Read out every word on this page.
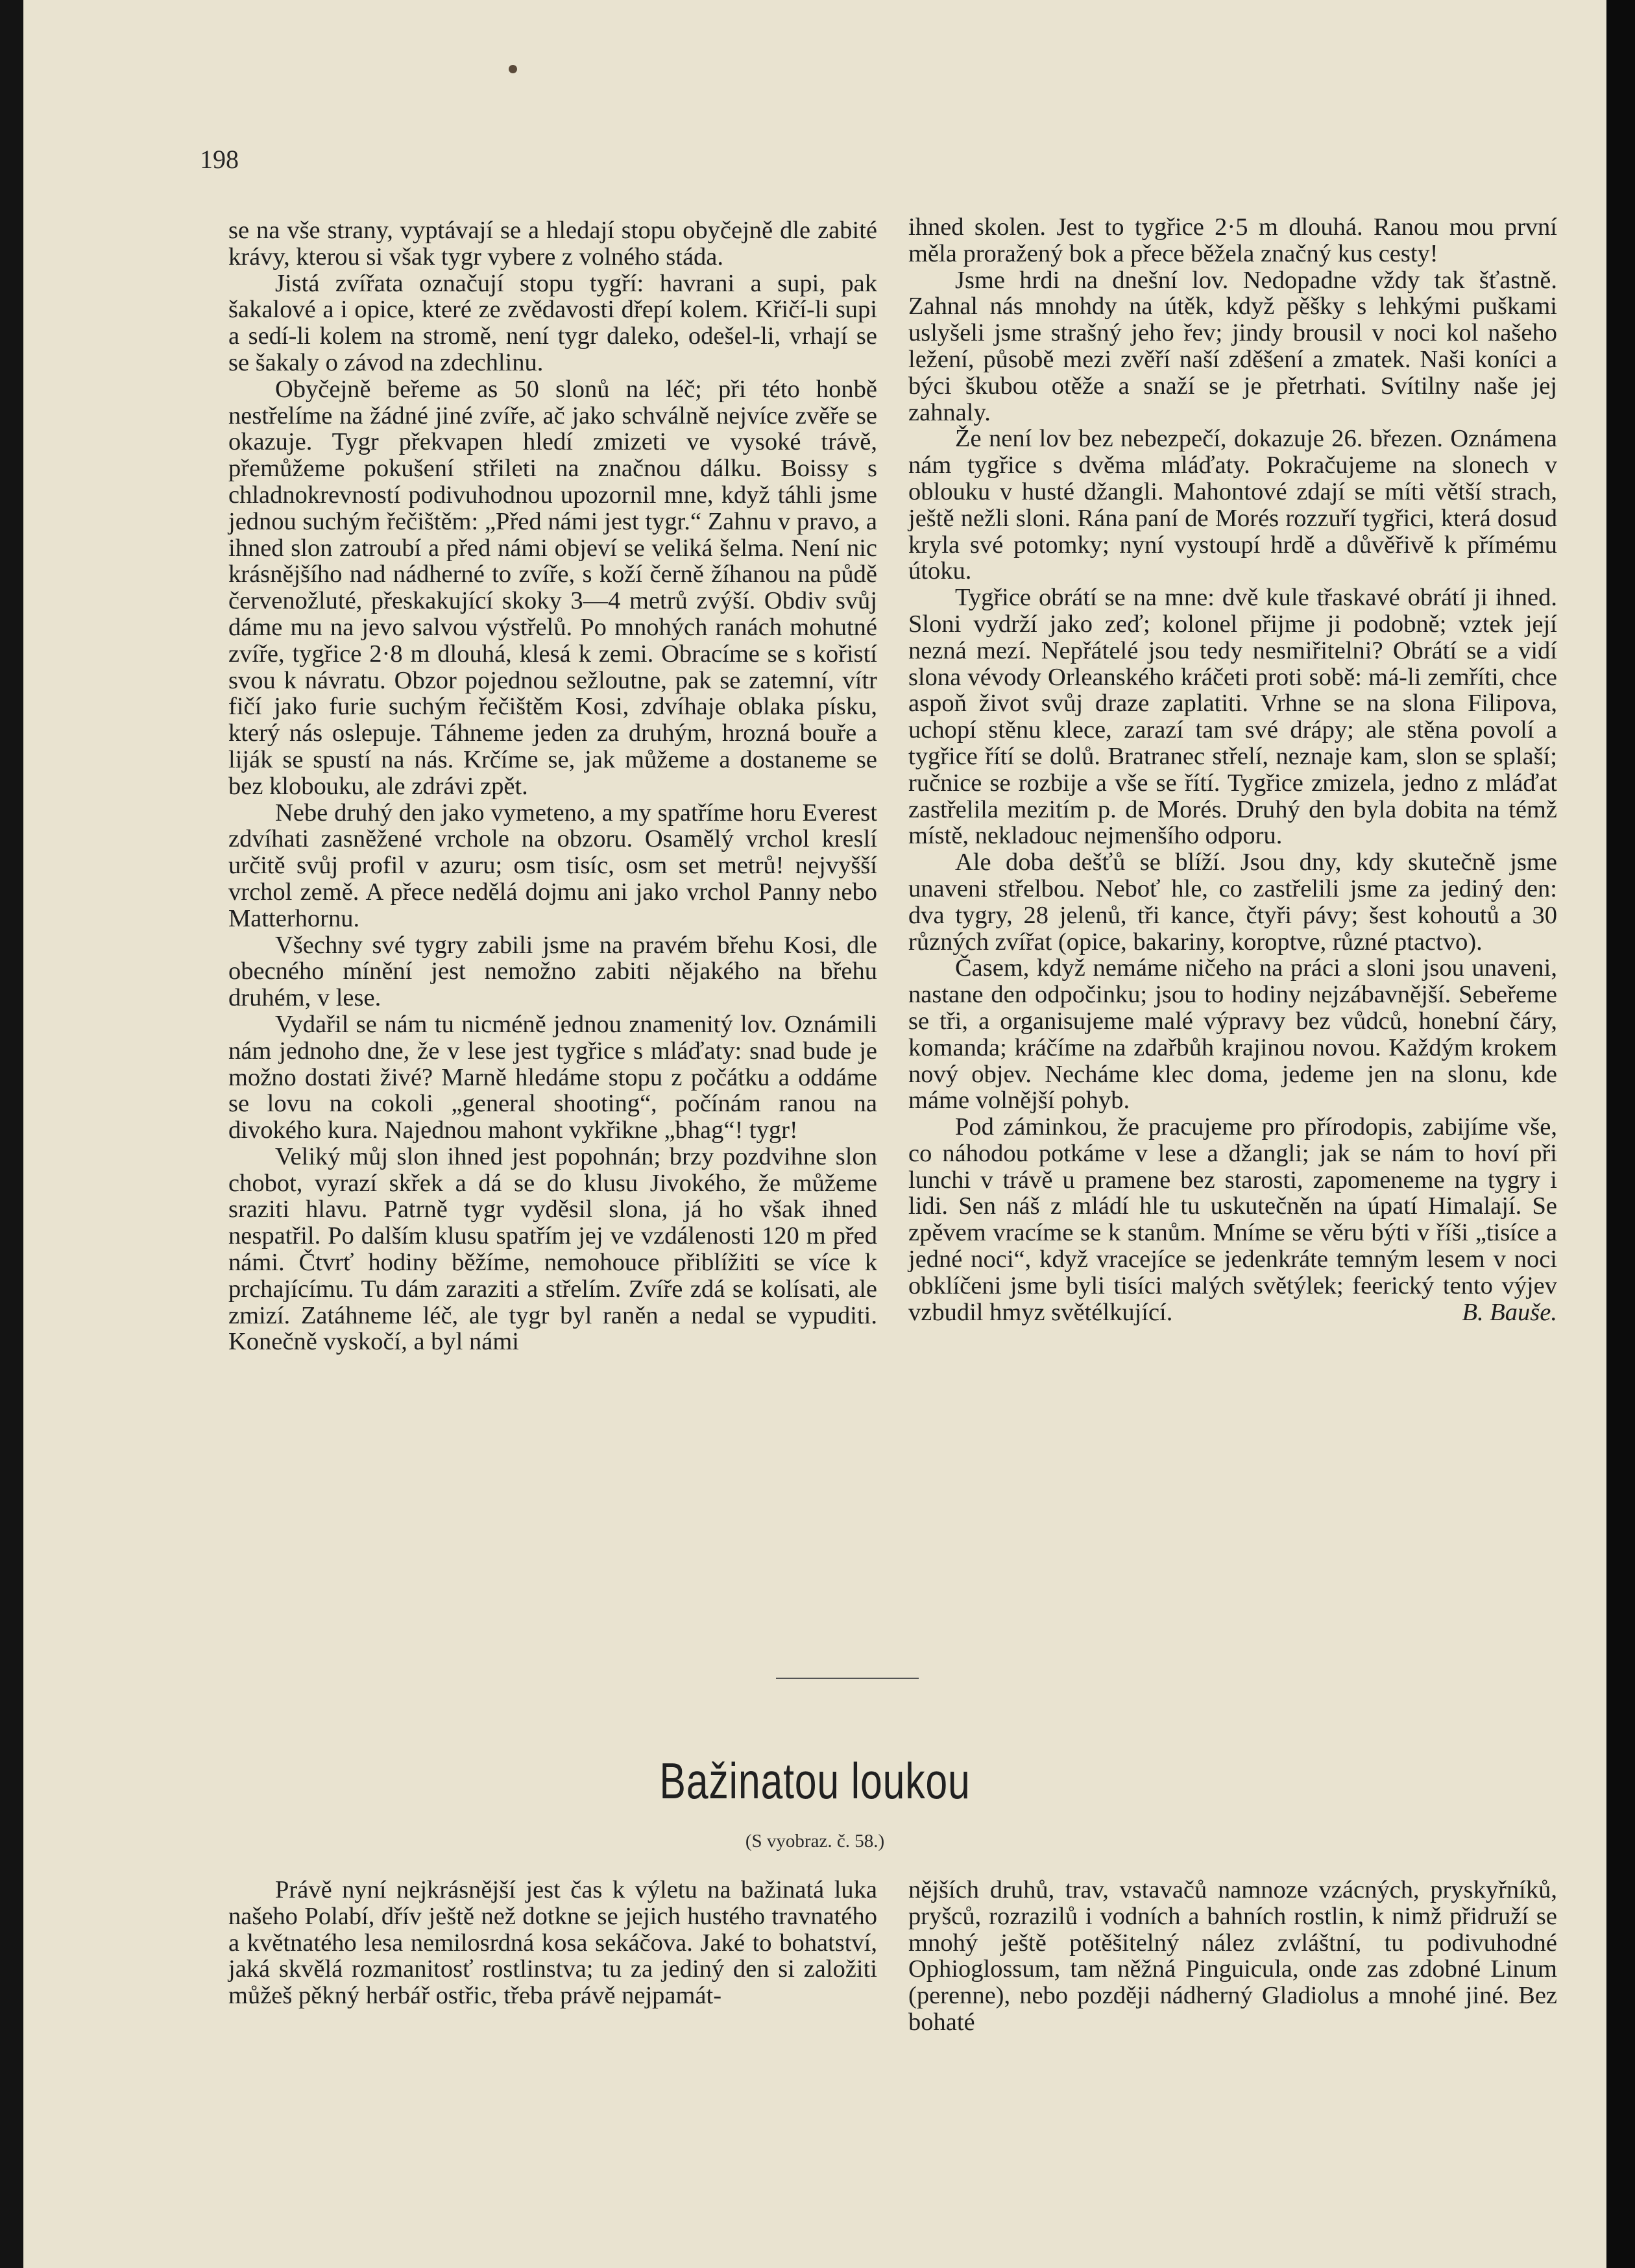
198

se na vše strany, vyptávají se a hledají stopu obyčejně dle zabité krávy, kterou si však tygr vybere z volného stáda.

Jistá zvířata označují stopu tygří: havrani a supi, pak šakalové a i opice, které ze zvědavosti dřepí kolem. Křičí-li supi a sedí-li kolem na stromě, není tygr daleko, odešel-li, vrhají se se šakaly o závod na zdechlinu.

Obyčejně beřeme as 50 slonů na léč; při této honbě nestřelíme na žádné jiné zvíře, ač jako schválně nejvíce zvěře se okazuje. Tygr překvapen hledí zmizeti ve vysoké trávě, přemůžeme pokušení střileti na značnou dálku. Boissy s chladnokrevností podivuhodnou upozornil mne, když táhli jsme jednou suchým řečištěm: „Před námi jest tygr.“ Zahnu v pravo, a ihned slon zatroubí a před námi objeví se veliká šelma. Není nic krásnějšího nad nádherné to zvíře, s koží černě žíhanou na půdě červenožluté, přeskakující skoky 3—4 metrů zvýší. Obdiv svůj dáme mu na jevo salvou výstřelů. Po mnohých ranách mohutné zvíře, tygřice 2·8 m dlouhá, klesá k zemi. Obracíme se s kořistí svou k návratu. Obzor pojednou sežloutne, pak se zatemní, vítr fičí jako furie suchým řečištěm Kosi, zdvíhaje oblaka písku, který nás oslepuje. Táhneme jeden za druhým, hrozná bouře a liják se spustí na nás. Krčíme se, jak můžeme a dostaneme se bez klobouku, ale zdrávi zpět.

Nebe druhý den jako vymeteno, a my spatříme horu Everest zdvíhati zasněžené vrchole na obzoru. Osamělý vrchol kreslí určitě svůj profil v azuru; osm tisíc, osm set metrů! nejvyšší vrchol země. A přece nedělá dojmu ani jako vrchol Panny nebo Matterhornu.

Všechny své tygry zabili jsme na pravém břehu Kosi, dle obecného mínění jest nemožno zabiti nějakého na břehu druhém, v lese.

Vydařil se nám tu nicméně jednou znamenitý lov. Oznámili nám jednoho dne, že v lese jest tygřice s mláďaty: snad bude je možno dostati živé? Marně hledáme stopu z počátku a oddáme se lovu na cokoli „general shooting“, počínám ranou na divokého kura. Najednou mahont vykřikne „bhag“! tygr!

Veliký můj slon ihned jest popohnán; brzy pozdvihne slon chobot, vyrazí skřek a dá se do klusu Jivokého, že můžeme sraziti hlavu. Patrně tygr vyděsil slona, já ho však ihned nespatřil. Po dalším klusu spatřím jej ve vzdálenosti 120 m před námi. Čtvrť hodiny běžíme, nemohouce přiblížiti se více k prchajícímu. Tu dám zaraziti a střelím. Zvíře zdá se kolísati, ale zmizí. Zatáhneme léč, ale tygr byl raněn a nedal se vypuditi. Konečně vyskočí, a byl námi

ihned skolen. Jest to tygřice 2·5 m dlouhá. Ranou mou první měla proražený bok a přece běžela značný kus cesty!

Jsme hrdi na dnešní lov. Nedopadne vždy tak šťastně. Zahnal nás mnohdy na útěk, když pěšky s lehkými puškami uslyšeli jsme strašný jeho řev; jindy brousil v noci kol našeho ležení, působě mezi zvěří naší zděšení a zmatek. Naši koníci a býci škubou otěže a snaží se je přetrhati. Svítilny naše jej zahnaly.

Že není lov bez nebezpečí, dokazuje 26. březen. Oznámena nám tygřice s dvěma mláďaty. Pokračujeme na slonech v oblouku v husté džangli. Mahontové zdají se míti větší strach, ještě nežli sloni. Rána paní de Morés rozzuří tygřici, která dosud kryla své potomky; nyní vystoupí hrdě a důvěřivě k přímému útoku.

Tygřice obrátí se na mne: dvě kule třaskavé obrátí ji ihned. Sloni vydrží jako zeď; kolonel přijme ji podobně; vztek její nezná mezí. Nepřátelé jsou tedy nesmiřitelni? Obrátí se a vidí slona vévody Orleanského kráčeti proti sobě: má-li zemříti, chce aspoň život svůj draze zaplatiti. Vrhne se na slona Filipova, uchopí stěnu klece, zarazí tam své drápy; ale stěna povolí a tygřice řítí se dolů. Bratranec střelí, neznaje kam, slon se splaší; ručnice se rozbije a vše se řítí. Tygřice zmizela, jedno z mláďat zastřelila mezitím p. de Morés. Druhý den byla dobita na témž místě, nekladouc nejmenšího odporu.

Ale doba dešťů se blíží. Jsou dny, kdy skutečně jsme unaveni střelbou. Neboť hle, co zastřelili jsme za jediný den: dva tygry, 28 jelenů, tři kance, čtyři pávy; šest kohoutů a 30 různých zvířat (opice, bakariny, koroptve, různé ptactvo).

Časem, když nemáme ničeho na práci a sloni jsou unaveni, nastane den odpočinku; jsou to hodiny nejzábavnější. Sebeřeme se tři, a organisujeme malé výpravy bez vůdců, honební čáry, komanda; kráčíme na zdařbůh krajinou novou. Každým krokem nový objev. Necháme klec doma, jedeme jen na slonu, kde máme volnější pohyb.

Pod záminkou, že pracujeme pro přírodopis, zabijíme vše, co náhodou potkáme v lese a džangli; jak se nám to hoví při lunchi v trávě u pramene bez starosti, zapomeneme na tygry i lidi. Sen náš z mládí hle tu uskutečněn na úpatí Himalají. Se zpěvem vracíme se k stanům. Mníme se věru býti v říši „tisíce a jedné noci“, když vracejíce se jedenkráte temným lesem v noci obklíčeni jsme byli tisíci malých světýlek; feerický tento výjev vzbudil hmyz světélkující.	B. Bauše.
Bažinatou loukou
(S vyobraz. č. 58.)

Právě nyní nejkrásnější jest čas k výletu na bažinatá luka našeho Polabí, dřív ještě než dotkne se jejich hustého travnatého a květnatého lesa nemilosrdná kosa sekáčova. Jaké to bohatství, jaká skvělá rozmanitosť rostlinstva; tu za jediný den si založiti můžeš pěkný herbář ostřic, třeba právě nejpamát-

nějších druhů, trav, vstavačů namnoze vzácných, pryskyřníků, pryšců, rozrazilů i vodních a bahních rostlin, k nimž přidruží se mnohý ještě potěšitelný nález zvláštní, tu podivuhodné Ophioglossum, tam něžná Pinguicula, onde zas zdobné Linum (perenne), nebo později nádherný Gladiolus a mnohé jiné. Bez bohaté
